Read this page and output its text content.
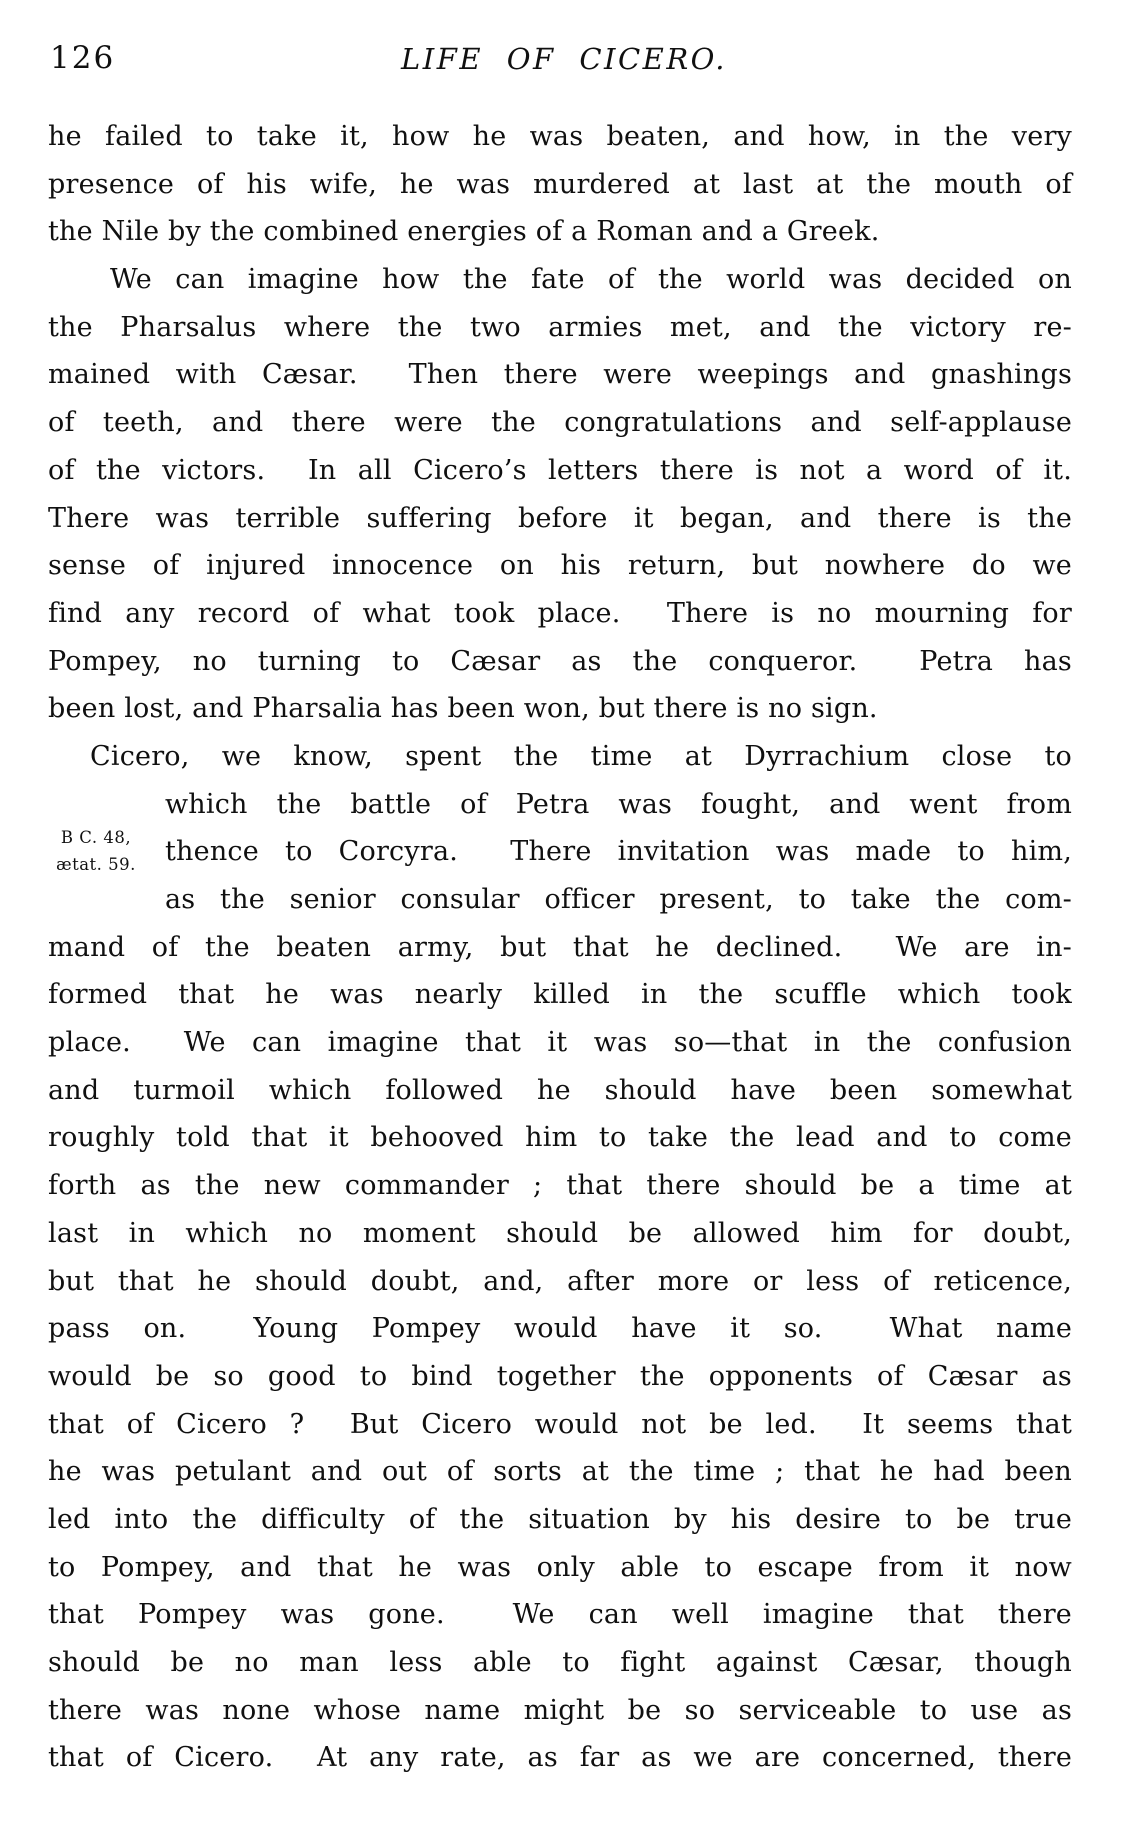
126	LIFE OF CICERO.
B C. 48,
ætat. 59.
he failed to take it, how he was beaten, and how, in the very
presence of his wife, he was murdered at last at the mouth of
the Nile by the combined energies of a Roman and a Greek.
We can imagine how the fate of the world was decided on
the Pharsalus where the two armies met, and the victory re-
mained with Cæsar.  Then there were weepings and gnashings
of teeth, and there were the congratulations and self-applause
of the victors.  In all Cicero’s letters there is not a word of it.
There was terrible suffering before it began, and there is the
sense of injured innocence on his return, but nowhere do we
find any record of what took place.  There is no mourning for
Pompey, no turning to Cæsar as the conqueror.  Petra has
been lost, and Pharsalia has been won, but there is no sign.
Cicero, we know, spent the time at Dyrrachium close to
which the battle of Petra was fought, and went from
thence to Corcyra.  There invitation was made to him,
as the senior consular officer present, to take the com-
mand of the beaten army, but that he declined.  We are in-
formed that he was nearly killed in the scuffle which took
place.  We can imagine that it was so—that in the confusion
and turmoil which followed he should have been somewhat
roughly told that it behooved him to take the lead and to come
forth as the new commander ; that there should be a time at
last in which no moment should be allowed him for doubt,
but that he should doubt, and, after more or less of reticence,
pass on.  Young Pompey would have it so.  What name
would be so good to bind together the opponents of Cæsar as
that of Cicero ?  But Cicero would not be led.  It seems that
he was petulant and out of sorts at the time ; that he had been
led into the difficulty of the situation by his desire to be true
to Pompey, and that he was only able to escape from it now
that Pompey was gone.  We can well imagine that there
should be no man less able to fight against Cæsar, though
there was none whose name might be so serviceable to use as
that of Cicero.  At any rate, as far as we are concerned, there
